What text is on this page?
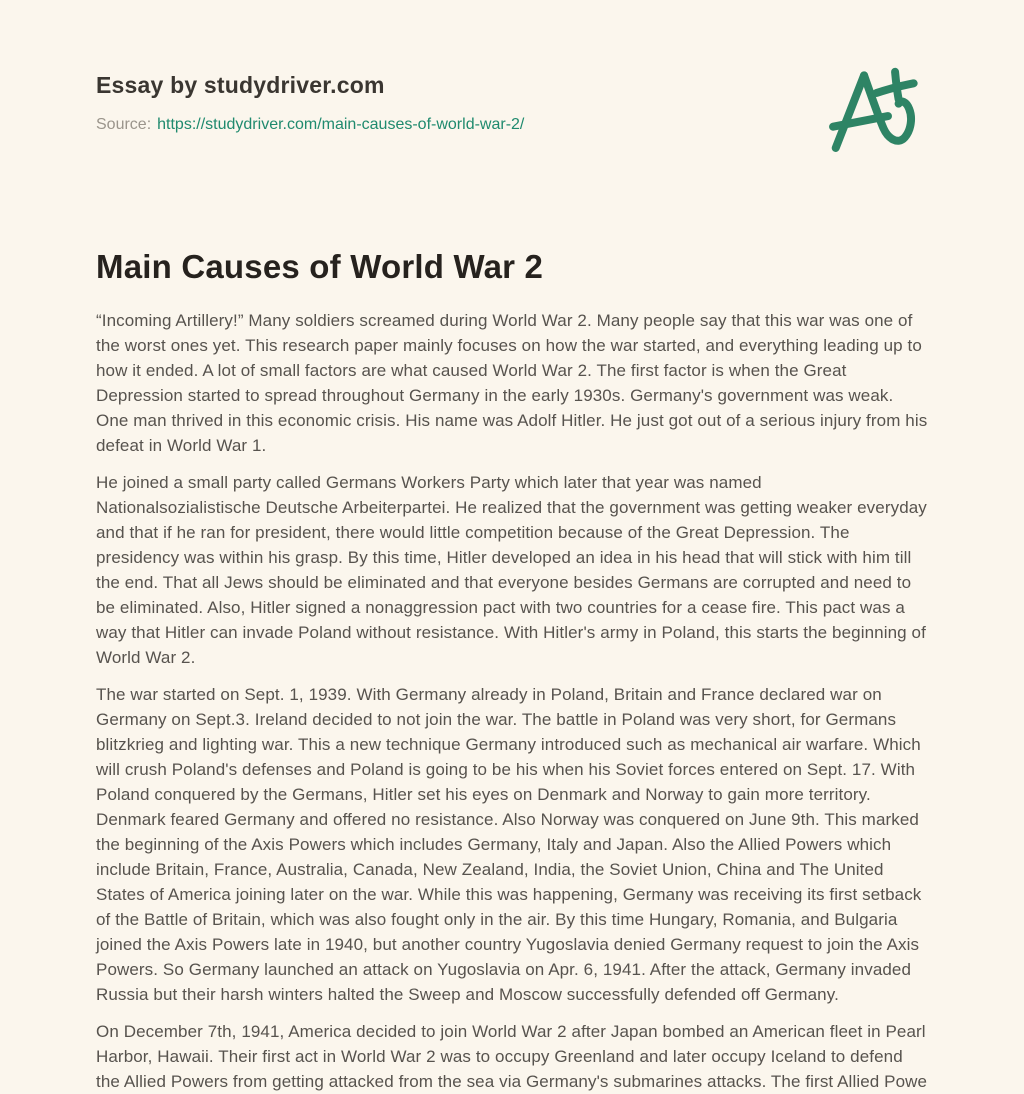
Essay by studydriver.com

Source: https://studydriver.com/main-causes-of-world-war-2/

Main Causes of World War 2

“Incoming Artillery!” Many soldiers screamed during World War 2. Many people say that this war was one of the worst ones yet. This research paper mainly focuses on how the war started, and everything leading up to how it ended. A lot of small factors are what caused World War 2. The first factor is when the Great Depression started to spread throughout Germany in the early 1930s. Germany's government was weak. One man thrived in this economic crisis. His name was Adolf Hitler. He just got out of a serious injury from his defeat in World War 1.

He joined a small party called Germans Workers Party which later that year was named Nationalsozialistische Deutsche Arbeiterpartei. He realized that the government was getting weaker everyday and that if he ran for president, there would little competition because of the Great Depression. The presidency was within his grasp. By this time, Hitler developed an idea in his head that will stick with him till the end. That all Jews should be eliminated and that everyone besides Germans are corrupted and need to be eliminated. Also, Hitler signed a nonaggression pact with two countries for a cease fire. This pact was a way that Hitler can invade Poland without resistance. With Hitler's army in Poland, this starts the beginning of World War 2.

The war started on Sept. 1, 1939. With Germany already in Poland, Britain and France declared war on Germany on Sept.3. Ireland decided to not join the war. The battle in Poland was very short, for Germans blitzkrieg and lighting war. This a new technique Germany introduced such as mechanical air warfare. Which will crush Poland's defenses and Poland is going to be his when his Soviet forces entered on Sept. 17. With Poland conquered by the Germans, Hitler set his eyes on Denmark and Norway to gain more territory. Denmark feared Germany and offered no resistance. Also Norway was conquered on June 9th. This marked the beginning of the Axis Powers which includes Germany, Italy and Japan. Also the Allied Powers which include Britain, France, Australia, Canada, New Zealand, India, the Soviet Union, China and The United States of America joining later on the war. While this was happening, Germany was receiving its first setback of the Battle of Britain, which was also fought only in the air. By this time Hungary, Romania, and Bulgaria joined the Axis Powers late in 1940, but another country Yugoslavia denied Germany request to join the Axis Powers. So Germany launched an attack on Yugoslavia on Apr. 6, 1941. After the attack, Germany invaded Russia but their harsh winters halted the Sweep and Moscow successfully defended off Germany.

On December 7th, 1941, America decided to join World War 2 after Japan bombed an American fleet in Pearl Harbor, Hawaii. Their first act in World War 2 was to occupy Greenland and later occupy Iceland to defend the Allied Powers from getting attacked from the sea via Germany's submarines attacks. The first Allied Powe
